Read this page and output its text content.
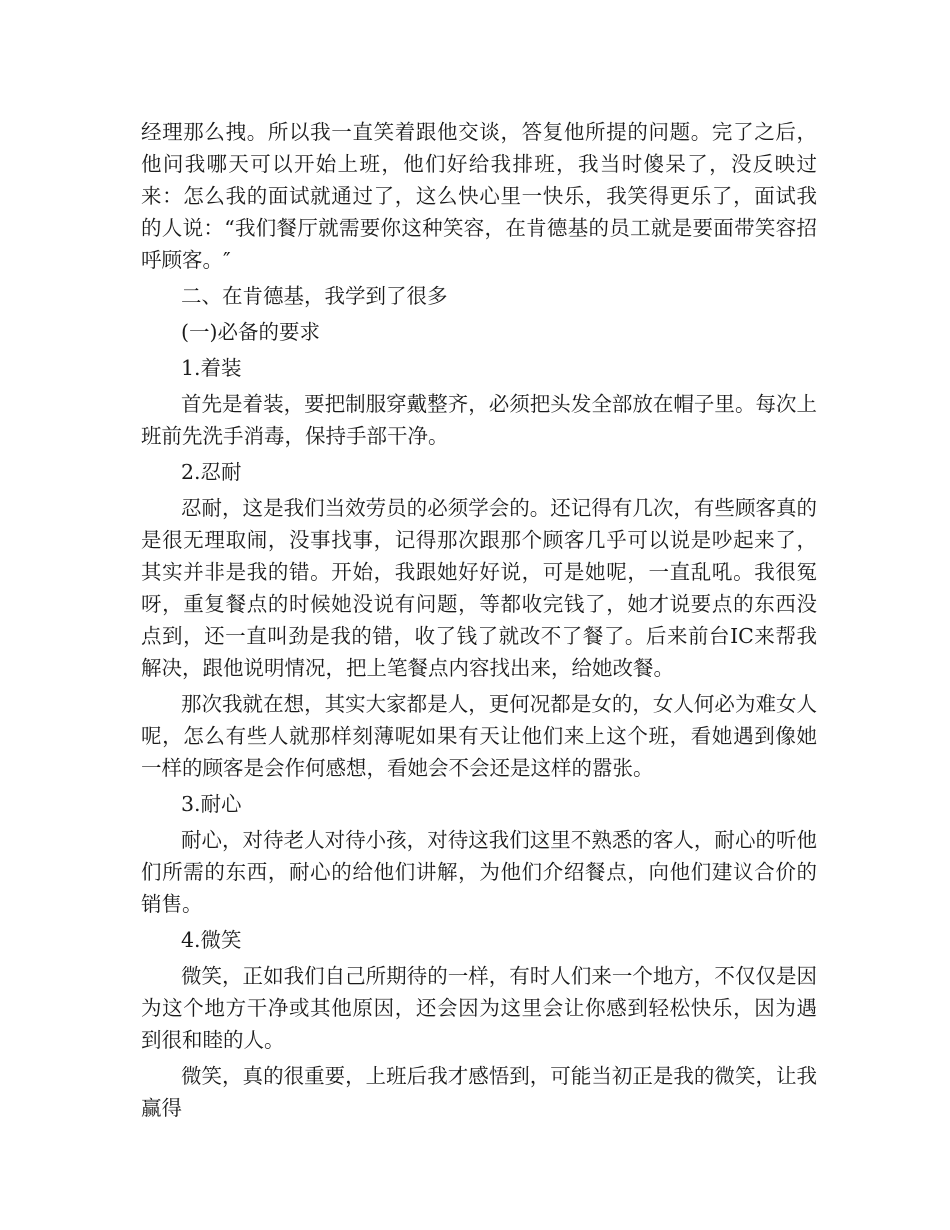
经理那么拽。所以我一直笑着跟他交谈，答复他所提的问题。完了之后，他问我哪天可以开始上班，他们好给我排班，我当时傻呆了，没反映过来：怎么我的面试就通过了，这么快心里一快乐，我笑得更乐了，面试我的人说：“我们餐厅就需要你这种笑容，在肯德基的员工就是要面带笑容招呼顾客。″

二、在肯德基，我学到了很多

(一)必备的要求

1.着装

首先是着装，要把制服穿戴整齐，必须把头发全部放在帽子里。每次上班前先洗手消毒，保持手部干净。

2.忍耐

忍耐，这是我们当效劳员的必须学会的。还记得有几次，有些顾客真的是很无理取闹，没事找事，记得那次跟那个顾客几乎可以说是吵起来了，其实并非是我的错。开始，我跟她好好说，可是她呢，一直乱吼。我很冤呀，重复餐点的时候她没说有问题，等都收完钱了，她才说要点的东西没点到，还一直叫劲是我的错，收了钱了就改不了餐了。后来前台IC来帮我解决，跟他说明情况，把上笔餐点内容找出来，给她改餐。

那次我就在想，其实大家都是人，更何况都是女的，女人何必为难女人呢，怎么有些人就那样刻薄呢如果有天让他们来上这个班，看她遇到像她一样的顾客是会作何感想，看她会不会还是这样的嚣张。

3.耐心

耐心，对待老人对待小孩，对待这我们这里不熟悉的客人，耐心的听他们所需的东西，耐心的给他们讲解，为他们介绍餐点，向他们建议合价的销售。

4.微笑

微笑，正如我们自己所期待的一样，有时人们来一个地方，不仅仅是因为这个地方干净或其他原因，还会因为这里会让你感到轻松快乐，因为遇到很和睦的人。

微笑，真的很重要，上班后我才感悟到，可能当初正是我的微笑，让我赢得
